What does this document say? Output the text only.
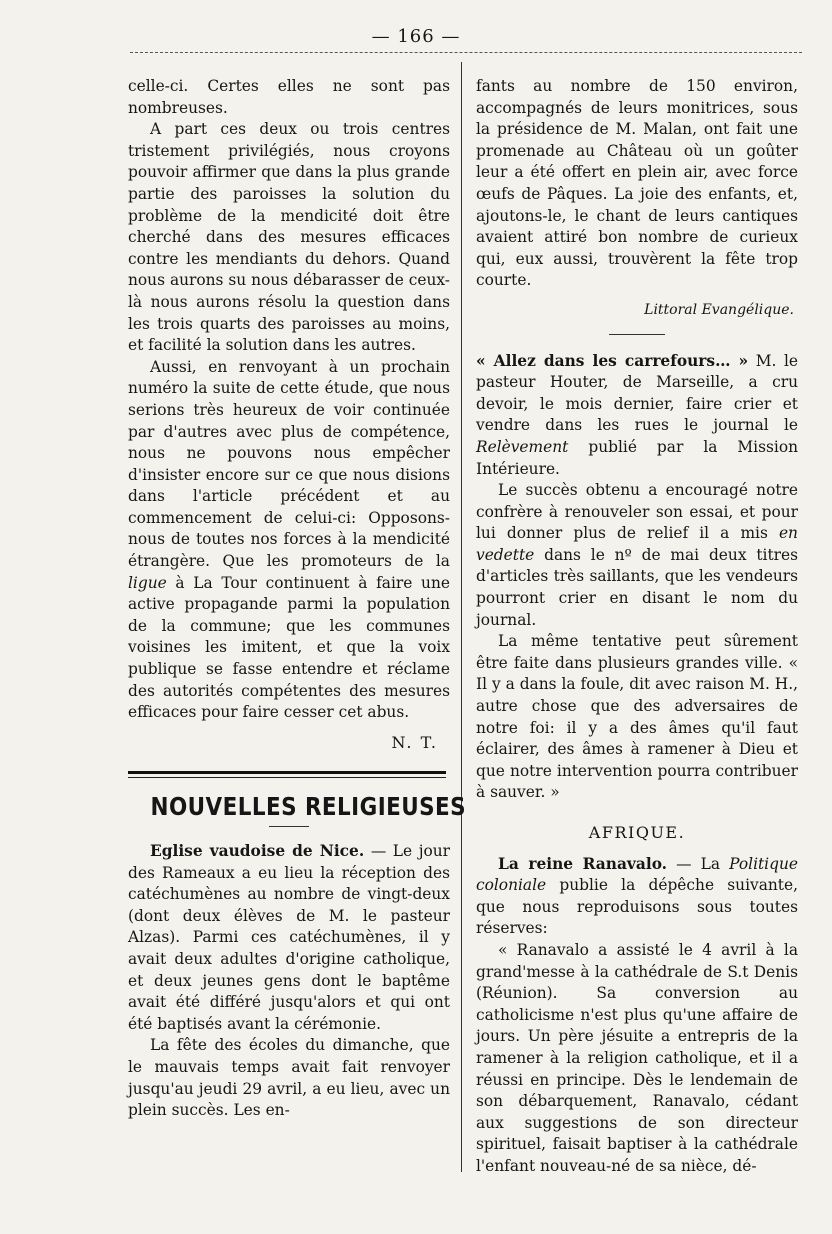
— 166 —

celle-ci. Certes elles ne sont pas nombreuses.

A part ces deux ou trois centres tristement privilégiés, nous croyons pouvoir affirmer que dans la plus grande partie des paroisses la solution du problème de la mendicité doit être cherché dans des mesures efficaces contre les mendiants du dehors. Quand nous aurons su nous débarasser de ceux-là nous aurons résolu la question dans les trois quarts des paroisses au moins, et facilité la solution dans les autres.

Aussi, en renvoyant à un prochain numéro la suite de cette étude, que nous serions très heureux de voir continuée par d'autres avec plus de compétence, nous ne pouvons nous empêcher d'insister encore sur ce que nous disions dans l'article précédent et au commencement de celui-ci: Opposons-nous de toutes nos forces à la mendicité étrangère. Que les promoteurs de la ligue à La Tour continuent à faire une active propagande parmi la population de la commune; que les communes voisines les imitent, et que la voix publique se fasse entendre et réclame des autorités compétentes des mesures efficaces pour faire cesser cet abus.

N. T.
NOUVELLES RELIGIEUSES

Eglise vaudoise de Nice. — Le jour des Rameaux a eu lieu la réception des catéchumènes au nombre de vingt-deux (dont deux élèves de M. le pasteur Alzas). Parmi ces catéchumènes, il y avait deux adultes d'origine catholique, et deux jeunes gens dont le baptême avait été différé jusqu'alors et qui ont été baptisés avant la cérémonie.

La fête des écoles du dimanche, que le mauvais temps avait fait renvoyer jusqu'au jeudi 29 avril, a eu lieu, avec un plein succès. Les en-

fants au nombre de 150 environ, accompagnés de leurs monitrices, sous la présidence de M. Malan, ont fait une promenade au Château où un goûter leur a été offert en plein air, avec force œufs de Pâques. La joie des enfants, et, ajoutons-le, le chant de leurs cantiques avaient attiré bon nombre de curieux qui, eux aussi, trouvèrent la fête trop courte.

Littoral Evangélique.

« Allez dans les carrefours… » M. le pasteur Houter, de Marseille, a cru devoir, le mois dernier, faire crier et vendre dans les rues le journal le Relèvement publié par la Mission Intérieure.

Le succès obtenu a encouragé notre confrère à renouveler son essai, et pour lui donner plus de relief il a mis en vedette dans le nº de mai deux titres d'articles très saillants, que les vendeurs pourront crier en disant le nom du journal.

La même tentative peut sûrement être faite dans plusieurs grandes ville. « Il y a dans la foule, dit avec raison M. H., autre chose que des adversaires de notre foi: il y a des âmes qu'il faut éclairer, des âmes à ramener à Dieu et que notre intervention pourra contribuer à sauver. »

AFRIQUE.

La reine Ranavalo. — La Politique coloniale publie la dépêche suivante, que nous reproduisons sous toutes réserves:

« Ranavalo a assisté le 4 avril à la grand'messe à la cathédrale de S.t Denis (Réunion). Sa conversion au catholicisme n'est plus qu'une affaire de jours. Un père jésuite a entrepris de la ramener à la religion catholique, et il a réussi en principe. Dès le lendemain de son débarquement, Ranavalo, cédant aux suggestions de son directeur spirituel, faisait baptiser à la cathédrale l'enfant nouveau-né de sa nièce, dé-
